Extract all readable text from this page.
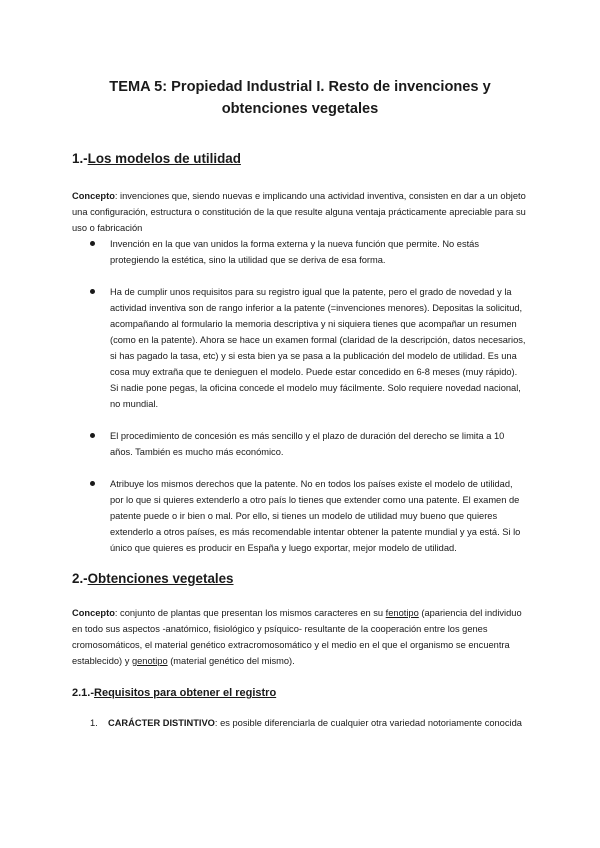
TEMA 5: Propiedad Industrial I. Resto de invenciones y obtenciones vegetales
1.-Los modelos de utilidad

Concepto: invenciones que, siendo nuevas e implicando una actividad inventiva, consisten en dar a un objeto una configuración, estructura o constitución de la que resulte alguna ventaja prácticamente apreciable para su uso o fabricación

Invención en la que van unidos la forma externa y la nueva función que permite. No estás protegiendo la estética, sino la utilidad que se deriva de esa forma.
Ha de cumplir unos requisitos para su registro igual que la patente, pero el grado de novedad y la actividad inventiva son de rango inferior a la patente (=invenciones menores). Depositas la solicitud, acompañando al formulario la memoria descriptiva y ni siquiera tienes que acompañar un resumen (como en la patente). Ahora se hace un examen formal (claridad de la descripción, datos necesarios, si has pagado la tasa, etc) y si esta bien ya se pasa a la publicación del modelo de utilidad. Es una cosa muy extraña que te denieguen el modelo. Puede estar concedido en 6-8 meses (muy rápido). Si nadie pone pegas, la oficina concede el modelo muy fácilmente. Solo requiere novedad nacional, no mundial.
El procedimiento de concesión es más sencillo y el plazo de duración del derecho se limita a 10 años. También es mucho más económico.
Atribuye los mismos derechos que la patente. No en todos los países existe el modelo de utilidad, por lo que si quieres extenderlo a otro país lo tienes que extender como una patente. El examen de patente puede o ir bien o mal. Por ello, si tienes un modelo de utilidad muy bueno que quieres extenderlo a otros países, es más recomendable intentar obtener la patente mundial y ya está. Si lo único que quieres es producir en España y luego exportar, mejor modelo de utilidad.
2.-Obtenciones vegetales

Concepto: conjunto de plantas que presentan los mismos caracteres en su fenotipo (apariencia del individuo en todo sus aspectos -anatómico, fisiológico y psíquico- resultante de la cooperación entre los genes cromosomáticos, el material genético extracromosomático y el medio en el que el organismo se encuentra establecido) y genotipo (material genético del mismo).

2.1.-Requisitos para obtener el registro
1. CARÁCTER DISTINTIVO: es posible diferenciarla de cualquier otra variedad notoriamente conocida
